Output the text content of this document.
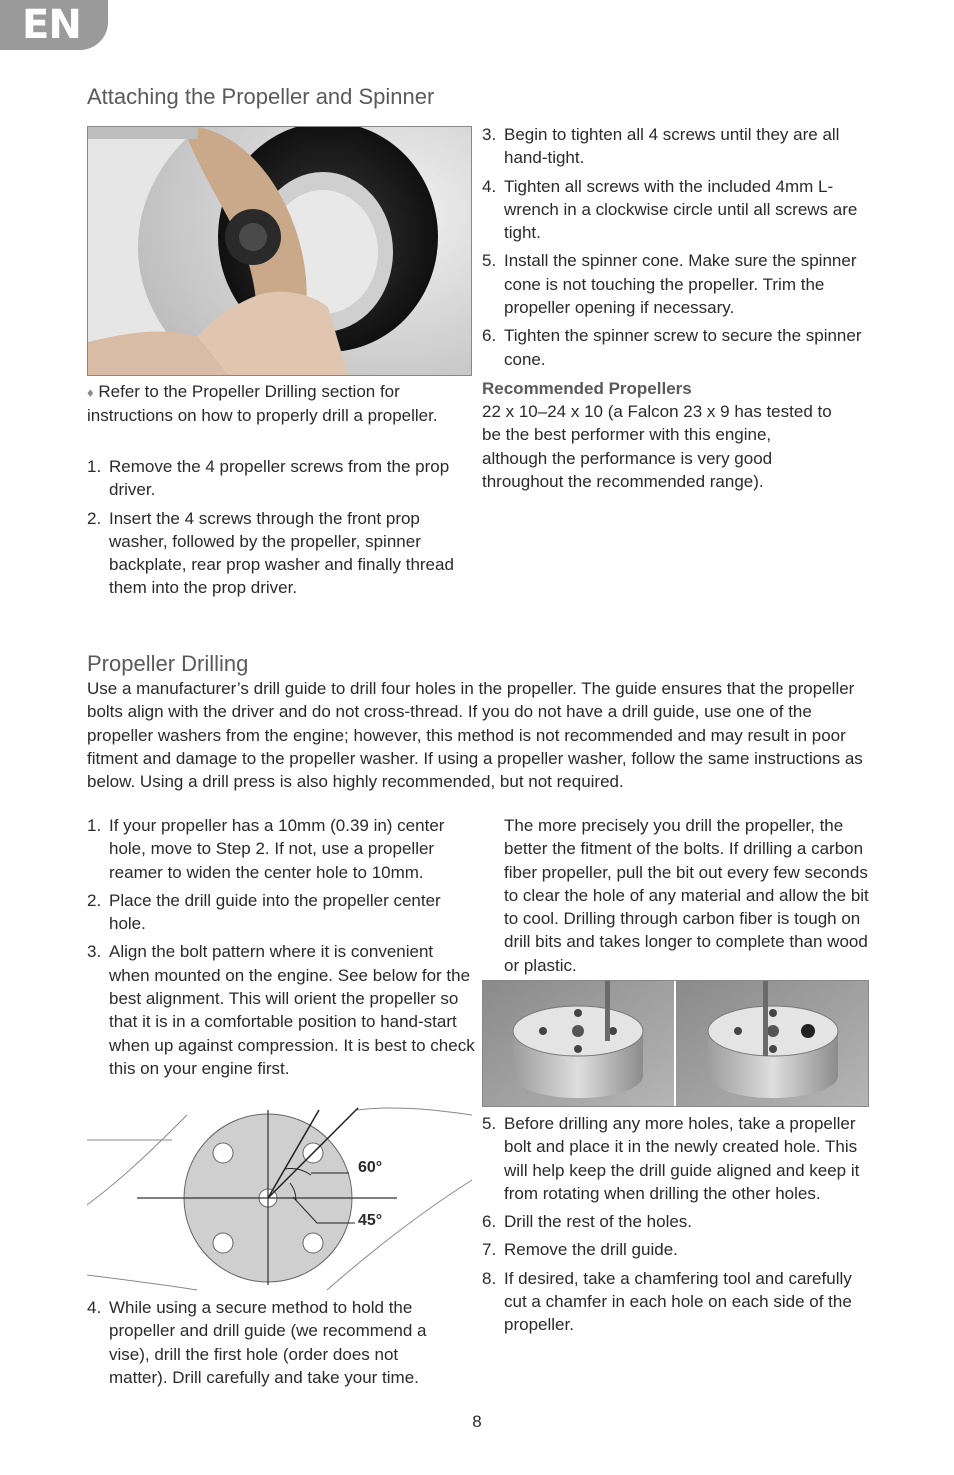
EN
Attaching the Propeller and Spinner
♦ Refer to the Propeller Drilling section for instructions on how to properly drill a propeller.
1. Remove the 4 propeller screws from the prop driver.
2. Insert the 4 screws through the front prop washer, followed by the propeller, spinner backplate, rear prop washer and finally thread them into the prop driver.
3. Begin to tighten all 4 screws until they are all hand-tight.
4. Tighten all screws with the included 4mm L-wrench in a clockwise circle until all screws are tight.
5. Install the spinner cone. Make sure the spinner cone is not touching the propeller. Trim the propeller opening if necessary.
6. Tighten the spinner screw to secure the spinner cone.
Recommended Propellers
22 x 10–24 x 10 (a Falcon 23 x 9 has tested to be the best performer with this engine, although the performance is very good throughout the recommended range).
Propeller Drilling
Use a manufacturer’s drill guide to drill four holes in the propeller. The guide ensures that the propeller bolts align with the driver and do not cross-thread. If you do not have a drill guide, use one of the propeller washers from the engine; however, this method is not recommended and may result in poor fitment and damage to the propeller washer. If using a propeller washer, follow the same instructions as below. Using a drill press is also highly recommended, but not required.
1. If your propeller has a 10mm (0.39 in) center hole, move to Step 2. If not, use a propeller reamer to widen the center hole to 10mm.
2. Place the drill guide into the propeller center hole.
3. Align the bolt pattern where it is convenient when mounted on the engine. See below for the best alignment. This will orient the propeller so that it is in a comfortable position to hand-start when up against compression. It is best to check this on your engine first.
60°
45°
4. While using a secure method to hold the propeller and drill guide (we recommend a vise), drill the first hole (order does not matter). Drill carefully and take your time.
The more precisely you drill the propeller, the better the fitment of the bolts. If drilling a carbon fiber propeller, pull the bit out every few seconds to clear the hole of any material and allow the bit to cool. Drilling through carbon fiber is tough on drill bits and takes longer to complete than wood or plastic.
5. Before drilling any more holes, take a propeller bolt and place it in the newly created hole. This will help keep the drill guide aligned and keep it from rotating when drilling the other holes.
6. Drill the rest of the holes.
7. Remove the drill guide.
8. If desired, take a chamfering tool and carefully cut a chamfer in each hole on each side of the propeller.
8
